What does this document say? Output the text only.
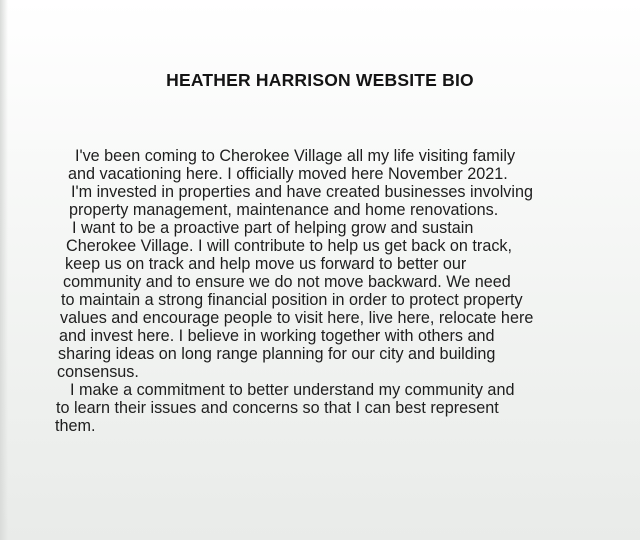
HEATHER HARRISON WEBSITE BIO

I've been coming to Cherokee Village all my life visiting family

and vacationing here. I officially moved here November 2021.

I'm invested in properties and have created businesses involving

property management, maintenance and home renovations.

I want to be a proactive part of helping grow and sustain

Cherokee Village. I will contribute to help us get back on track,

keep us on track and help move us forward to better our

community and to ensure we do not move backward. We need

to maintain a strong financial position in order to protect property

values and encourage people to visit here, live here, relocate here

and invest here. I believe in working together with others and

sharing ideas on long range planning for our city and building

consensus.

I make a commitment to better understand my community and

to learn their issues and concerns so that I can best represent

them.
